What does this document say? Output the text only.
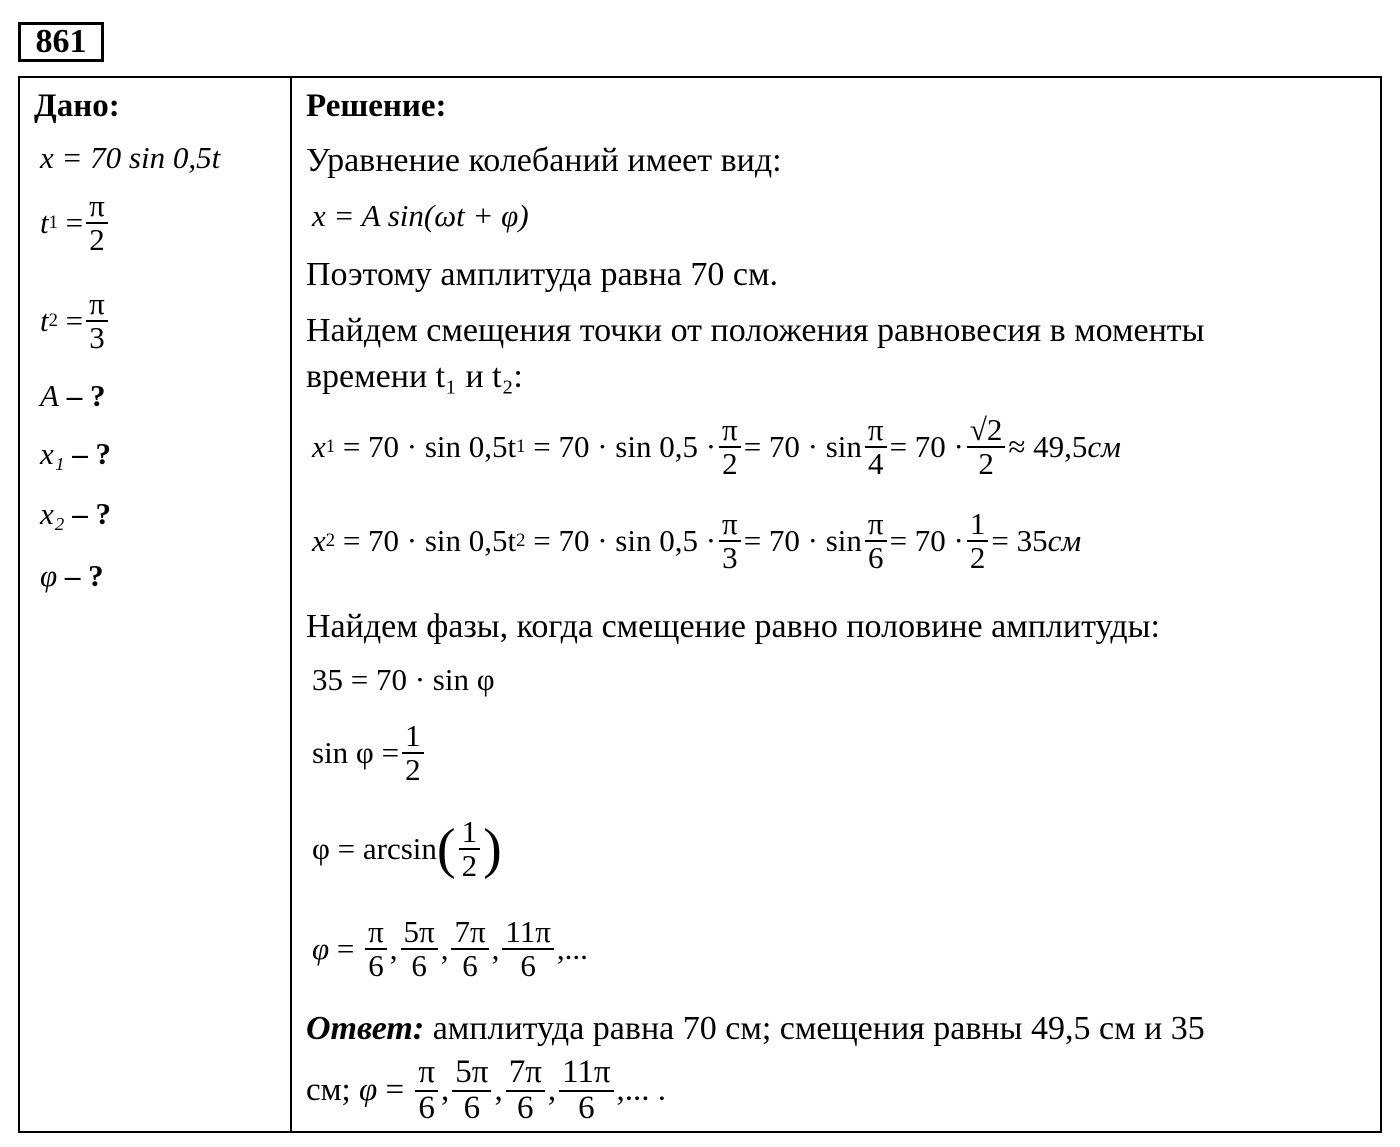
861
Дано:
x = 70 sin 0,5t
t $1 = \frac{\pi}{2}$
t $2 = \frac{\pi}{3}$
A
– ?
x₁
– ?
x₂
– ?
φ
– ?
Решение:
Уравнение колебаний имеет вид:
x = A sin(ωt + φ)
Поэтому амплитуда равна 70 см.
Найдем смещения точки от положения равновесия в моменты
времени t₁ и t₂:
x 1
= 70 · sin 0,5t 1
= $70 \cdot \sin 0,5 \cdot \frac{\pi}{2} = 70 \cdot \sin \frac{\pi}{4} = 70 \cdot \frac{√2}{2} \approx 49,5$ см
x 2
= 70 · sin 0,5t 2
= $70 \cdot \sin 0,5 \cdot \frac{\pi}{3} = 70 \cdot \sin \frac{\pi}{6} = 70 \cdot \frac{1}{2} = 35$ см
Найдем фазы, когда смещение равно половине амплитуды:
35 = 70 · sin φ
$\sin \varphi = \frac{1}{2}$
φ = arcsin ( $\frac{1}{2}$ )
$\varphi = \frac{\pi}{6}$ , $\frac{5\pi}{6}$ , $\frac{7\pi}{6}$ , $\frac{11\pi}{6}$ ,...
Ответ: амплитуда равна 70 см; смещения равны 49,5 см и 35
см;
$\varphi = \frac{\pi}{6}$ , $\frac{5\pi}{6}$ , $\frac{7\pi}{6}$ , $\frac{11\pi}{6}$ ,... .
